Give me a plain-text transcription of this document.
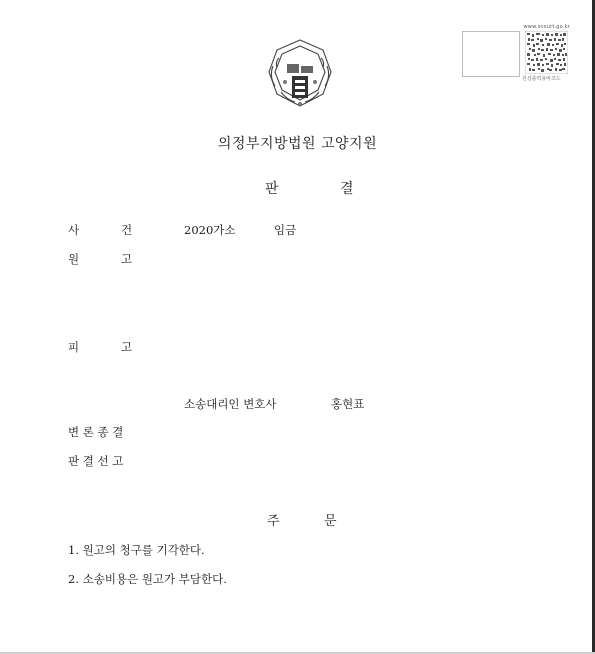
www.scourt.go.kr
원상출력용바코드
의정부지방법원 고양지원
판	결
사	건	2020가소	임금
원	고
피	고
소송대리인 변호사	홍현표
변 론 종 결
판 결 선 고
주	문
1. 원고의 청구를 기각한다.
2. 소송비용은 원고가 부담한다.
